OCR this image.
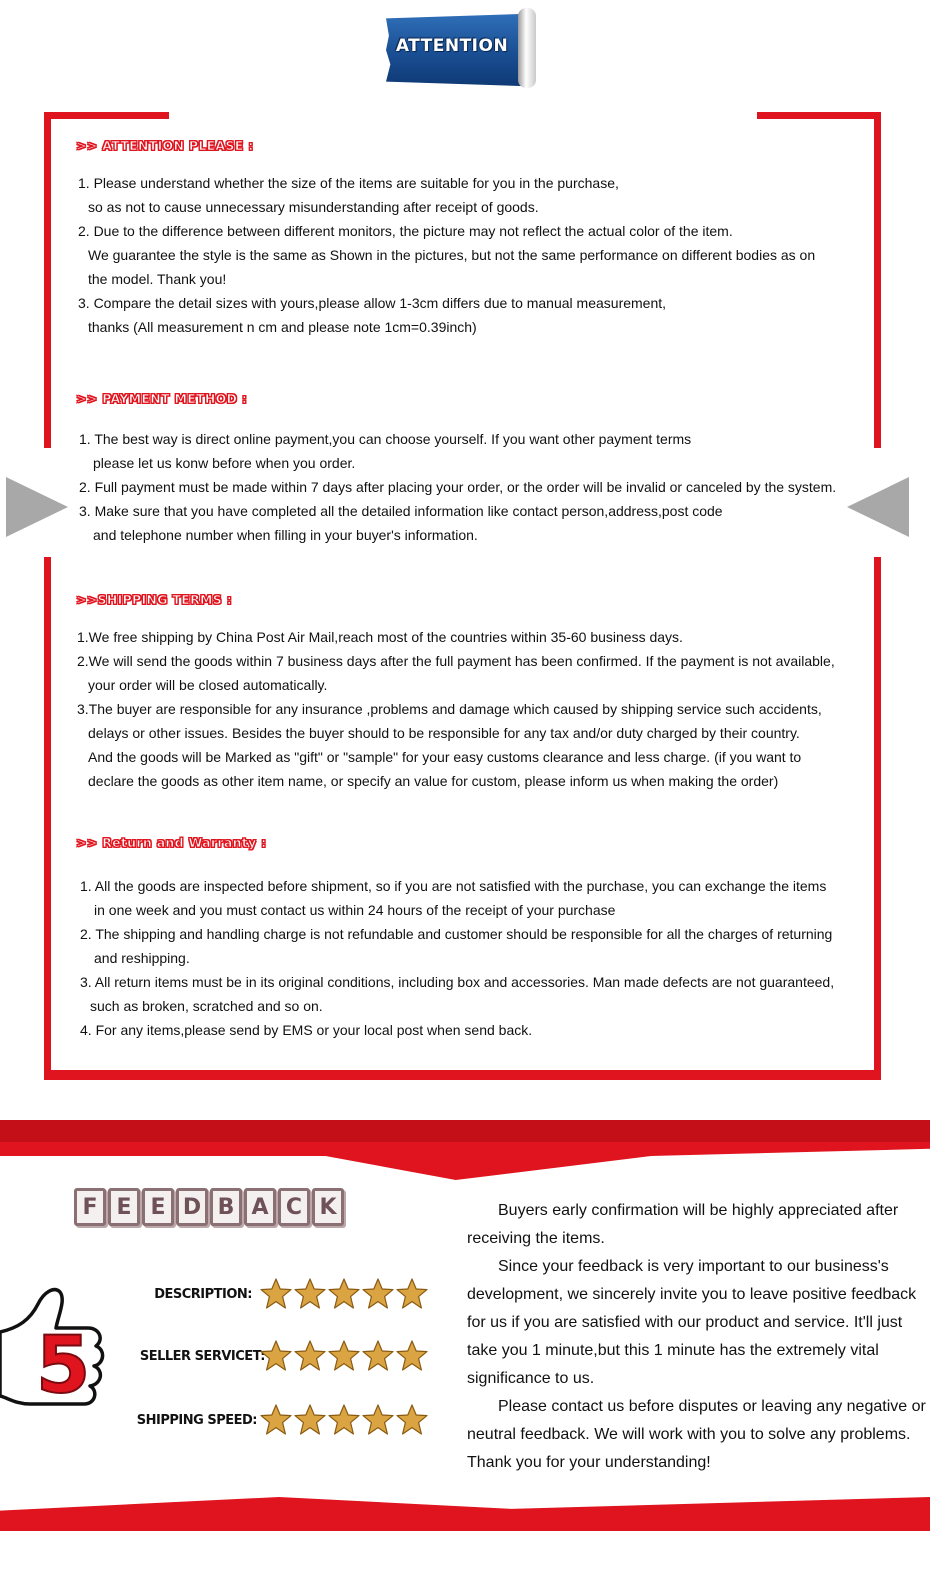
ATTENTION
>> ATTENTION PLEASE :
1. Please understand whether the size of the items are suitable for you in the purchase,
so as not to cause unnecessary misunderstanding after receipt of goods.
2. Due to the difference between different monitors, the picture may not reflect the actual color of the item.
We guarantee the style is the same as Shown in the pictures, but not the same performance on different bodies as on
the model. Thank you!
3. Compare the detail sizes with yours,please allow 1-3cm differs due to manual measurement,
thanks (All measurement n cm and please note 1cm=0.39inch)
>> PAYMENT METHOD :
1. The best way is direct online payment,you can choose yourself. If you want other payment terms
please let us konw before when you order.
2. Full payment must be made within 7 days after placing your order, or the order will be invalid or canceled by the system.
3. Make sure that you have completed all the detailed information like contact person,address,post code
and telephone number when filling in your buyer's information.
>>SHIPPING TERMS :
1.We free shipping by China Post Air Mail,reach most of the countries within 35-60 business days.
2.We will send the goods within 7 business days after the full payment has been confirmed. If the payment is not available,
your order will be closed automatically.
3.The buyer are responsible for any insurance ,problems and damage which caused by shipping service such accidents,
delays or other issues. Besides the buyer should to be responsible for any tax and/or duty charged by their country.
And the goods will be Marked as "gift" or "sample" for your easy customs clearance and less charge. (if you want to
declare the goods as other item name, or specify an value for custom, please inform us when making the order)
>> Return and Warranty :
1. All the goods are inspected before shipment, so if you are not satisfied with the purchase, you can exchange the items
in one week and you must contact us within 24 hours of the receipt of your purchase
2. The shipping and handling charge is not refundable and customer should be responsible for all the charges of returning
and reshipping.
3. All return items must be in its original conditions, including box and accessories. Man made defects are not guaranteed,
such as broken, scratched and so on.
4. For any items,please send by EMS or your local post when send back.
F E E D B A C K
5
DESCRIPTION:
SELLER SERVICET:
SHIPPING SPEED:

Buyers early confirmation will be highly appreciated after receiving the items.

Since your feedback is very important to our business's development, we sincerely invite you to leave positive feedback for us if you are satisfied with our product and service. It'll just take you 1 minute,but this 1 minute has the extremely vital significance to us.

Please contact us before disputes or leaving any negative or neutral feedback. We will work with you to solve any problems. Thank you for your understanding!
